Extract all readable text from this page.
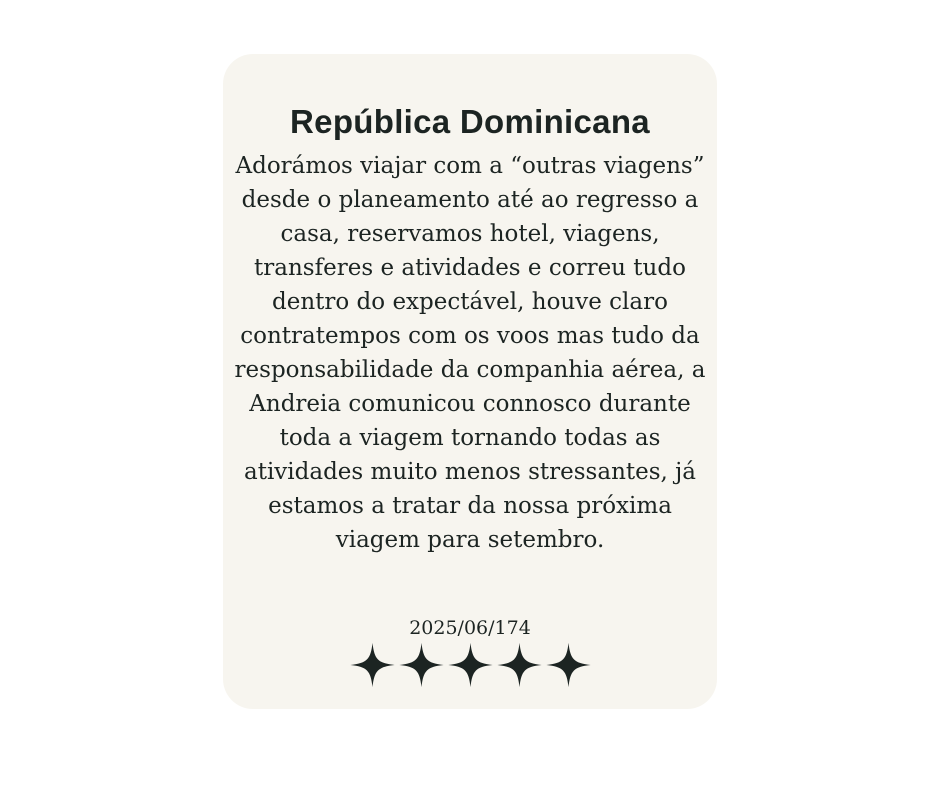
República Dominicana

Adorámos viajar com a “outras viagens” desde o planeamento até ao regresso a casa, reservamos hotel, viagens, transferes e atividades e correu tudo dentro do expectável, houve claro contratempos com os voos mas tudo da responsabilidade da companhia aérea, a Andreia comunicou connosco durante toda a viagem tornando todas as atividades muito menos stressantes, já estamos a tratar da nossa próxima viagem para setembro.

2025/06/174
